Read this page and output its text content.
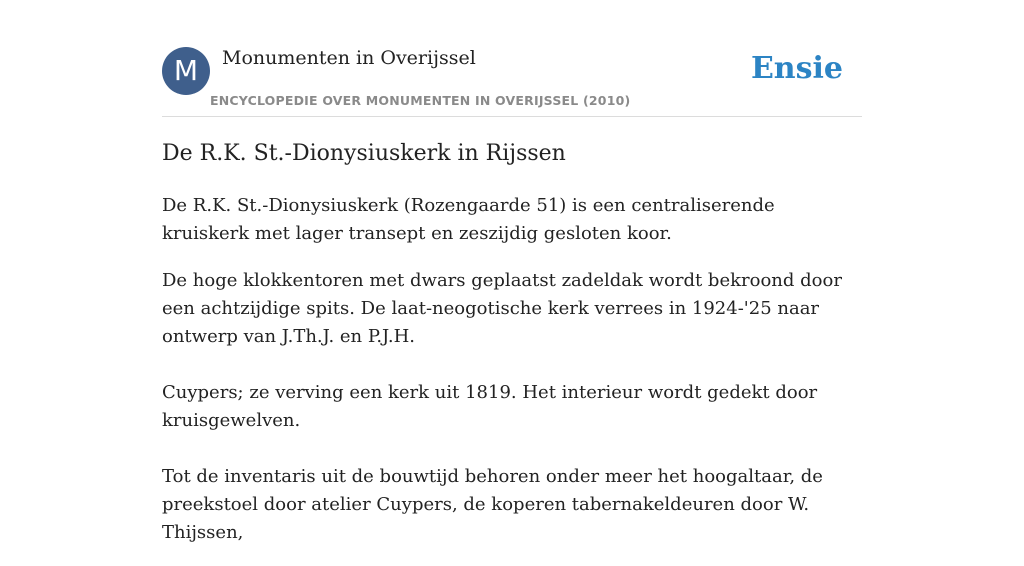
M	Monumenten in Overijssel
ENCYCLOPEDIE OVER MONUMENTEN IN OVERIJSSEL (2010)
Ensie
De R.K. St.-Dionysiuskerk in Rijssen

De R.K. St.-Dionysiuskerk (Rozengaarde 51) is een centraliserende kruiskerk met lager transept en zeszijdig gesloten koor.

De hoge klokkentoren met dwars geplaatst zadeldak wordt bekroond door een achtzijdige spits. De laat-neogotische kerk verrees in 1924-'25 naar ontwerp van J.Th.J. en P.J.H.

Cuypers; ze verving een kerk uit 1819. Het interieur wordt gedekt door kruisgewelven.

Tot de inventaris uit de bouwtijd behoren onder meer het hoogaltaar, de preekstoel door atelier Cuypers, de koperen tabernakeldeuren door W. Thijssen,
